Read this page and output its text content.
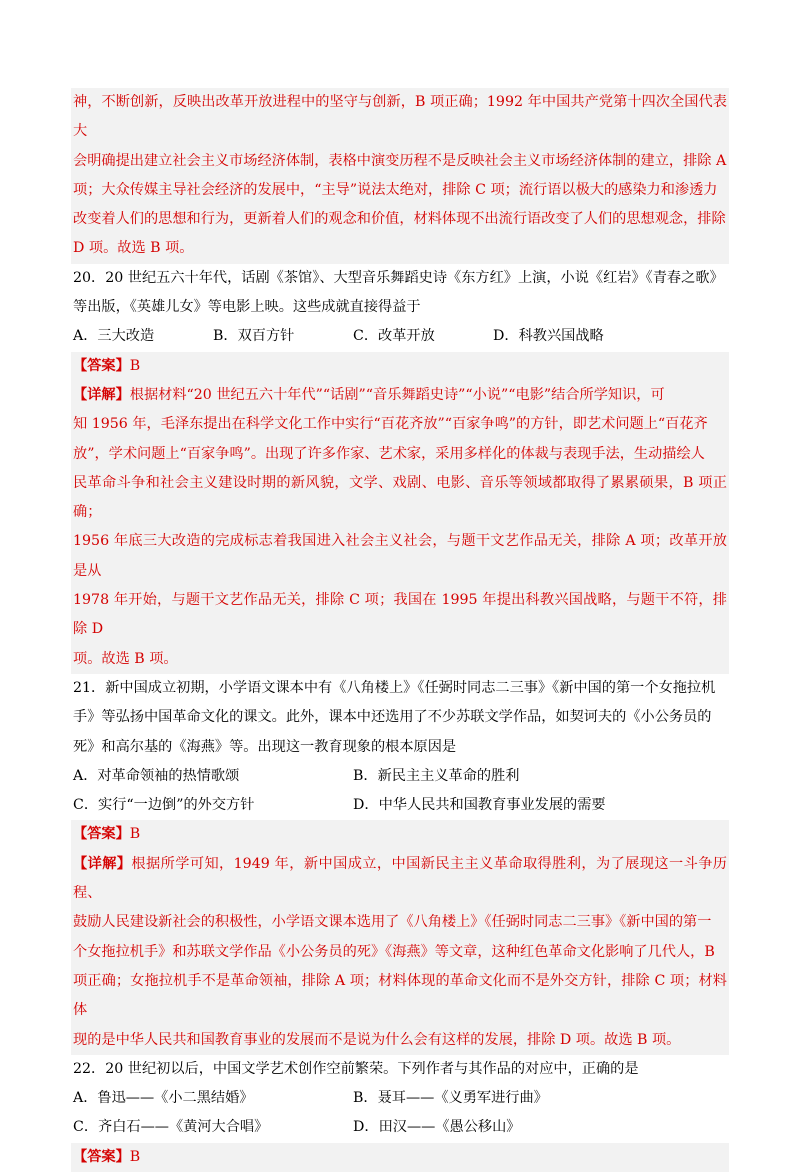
神，不断创新，反映出改革开放进程中的坚守与创新，B 项正确；1992 年中国共产党第十四次全国代表大
会明确提出建立社会主义市场经济体制，表格中演变历程不是反映社会主义市场经济体制的建立，排除 A
项；大众传媒主导社会经济的发展中，“主导”说法太绝对，排除 C 项；流行语以极大的感染力和渗透力
改变着人们的思想和行为，更新着人们的观念和价值，材料体现不出流行语改变了人们的思想观念，排除
D 项。故选 B 项。
20．20 世纪五六十年代，话剧《茶馆》、大型音乐舞蹈史诗《东方红》上演，小说《红岩》《青春之歌》
等出版，《英雄儿女》等电影上映。这些成就直接得益于
A．三大改造	B．双百方针	C．改革开放	D．科教兴国战略
【答案】B
【详解】根据材料“20 世纪五六十年代”“话剧”“音乐舞蹈史诗”“小说”“电影”结合所学知识，可
知 1956 年，毛泽东提出在科学文化工作中实行“百花齐放”“百家争鸣”的方针，即艺术问题上“百花齐
放”，学术问题上“百家争鸣”。出现了许多作家、艺术家，采用多样化的体裁与表现手法，生动描绘人
民革命斗争和社会主义建设时期的新风貌，文学、戏剧、电影、音乐等领域都取得了累累硕果，B 项正确；
1956 年底三大改造的完成标志着我国进入社会主义社会，与题干文艺作品无关，排除 A 项；改革开放是从
1978 年开始，与题干文艺作品无关，排除 C 项；我国在 1995 年提出科教兴国战略，与题干不符，排除 D
项。故选 B 项。
21．新中国成立初期，小学语文课本中有《八角楼上》《任弼时同志二三事》《新中国的第一个女拖拉机
手》等弘扬中国革命文化的课文。此外，课本中还选用了不少苏联文学作品，如契诃夫的《小公务员的
死》和高尔基的《海燕》等。出现这一教育现象的根本原因是
A．对革命领袖的热情歌颂	B．新民主主义革命的胜利
C．实行“一边倒”的外交方针	D．中华人民共和国教育事业发展的需要
【答案】B
【详解】根据所学可知，1949 年，新中国成立，中国新民主主义革命取得胜利，为了展现这一斗争历程、
鼓励人民建设新社会的积极性，小学语文课本选用了《八角楼上》《任弼时同志二三事》《新中国的第一
个女拖拉机手》和苏联文学作品《小公务员的死》《海燕》等文章，这种红色革命文化影响了几代人，B
项正确；女拖拉机手不是革命领袖，排除 A 项；材料体现的革命文化而不是外交方针，排除 C 项；材料体
现的是中华人民共和国教育事业的发展而不是说为什么会有这样的发展，排除 D 项。故选 B 项。
22．20 世纪初以后，中国文学艺术创作空前繁荣。下列作者与其作品的对应中，正确的是
A．鲁迅——《小二黑结婚》	B．聂耳——《义勇军进行曲》
C．齐白石——《黄河大合唱》	D．田汉——《愚公移山》
【答案】B
